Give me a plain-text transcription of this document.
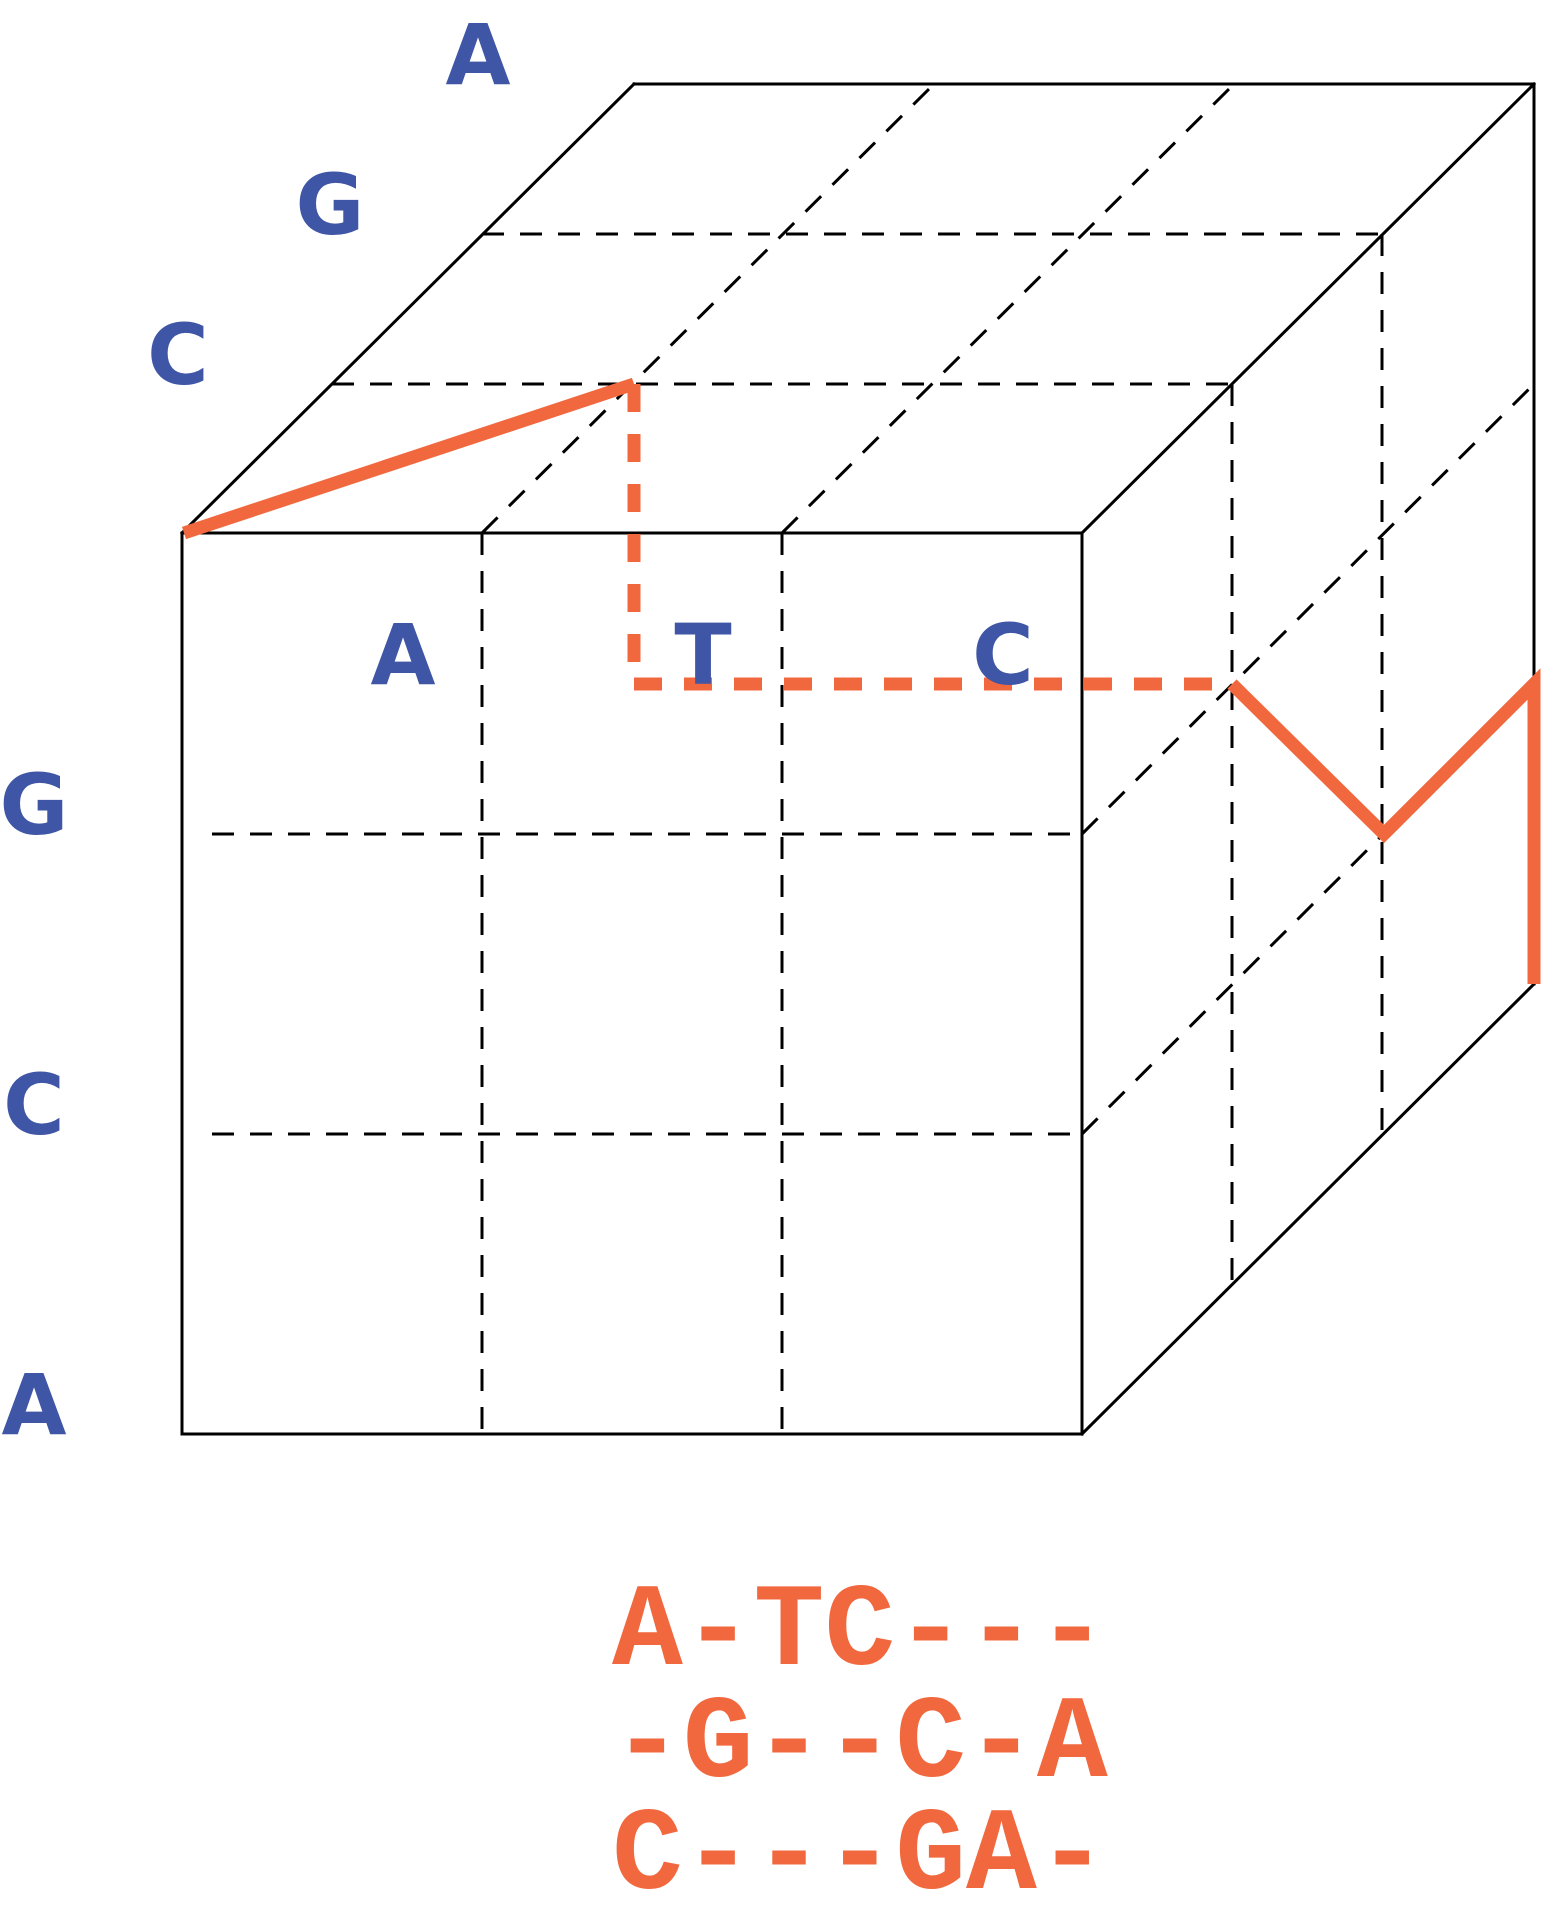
A	T	C
G
C
A
C
G
A
A-TC---
-G--C-A
C---GA-
